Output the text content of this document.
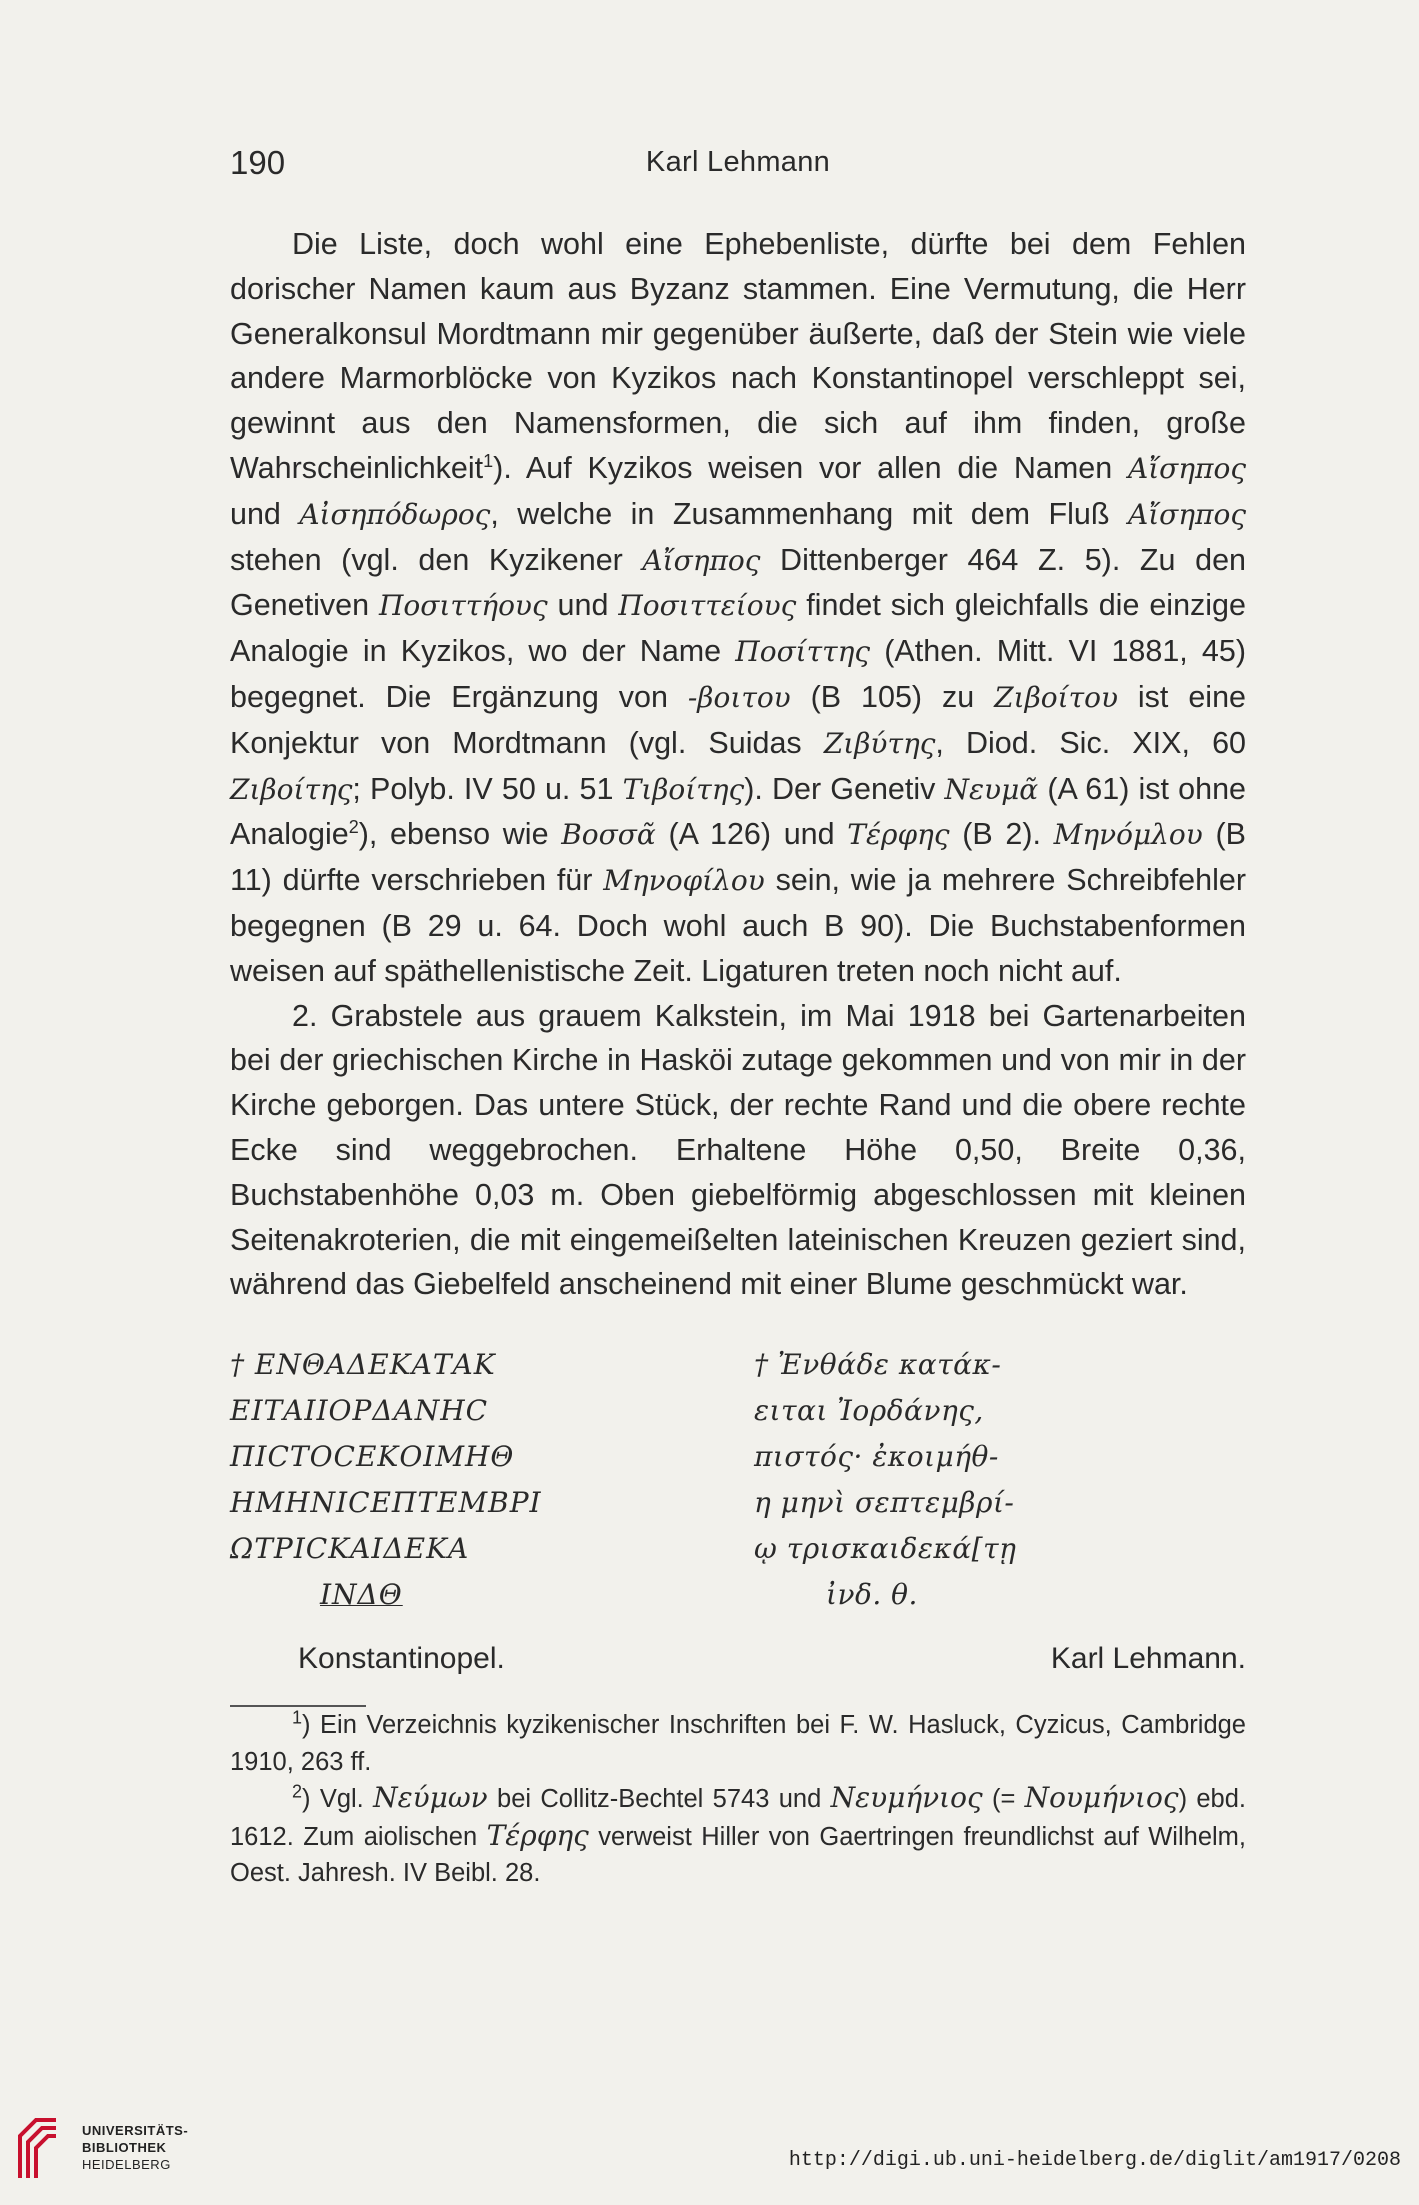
190	Karl Lehmann

Die Liste, doch wohl eine Ephebenliste, dürfte bei dem Fehlen dorischer Namen kaum aus Byzanz stammen. Eine Vermutung, die Herr Generalkonsul Mordtmann mir gegenüber äußerte, daß der Stein wie viele andere Marmorblöcke von Kyzikos nach Konstantinopel verschleppt sei, gewinnt aus den Namensformen, die sich auf ihm finden, große Wahrscheinlichkeit$^1$). Auf Kyzikos weisen vor allen die Namen Αἴσηπος und Αἰσηπόδωρος, welche in Zusammenhang mit dem Fluß Αἴσηπος stehen (vgl. den Kyzikener Αἴσηπος Dittenberger 464 Z. 5). Zu den Genetiven Ποσιττήους und Ποσιττείους findet sich gleichfalls die einzige Analogie in Kyzikos, wo der Name Ποσίττης (Athen. Mitt. VI 1881, 45) begegnet. Die Ergänzung von -βοιτου (B 105) zu Ζιβοίτου ist eine Konjektur von Mordtmann (vgl. Suidas Ζιβύτης, Diod. Sic. XIX, 60 Ζιβοίτης; Polyb. IV 50 u. 51 Τιβοίτης). Der Genetiv Νευμᾶ (A 61) ist ohne Analogie$^2$), ebenso wie Βοσσᾶ (A 126) und Τέρφης (B 2). Μηνόμλου (B 11) dürfte verschrieben für Μηνοφίλου sein, wie ja mehrere Schreibfehler begegnen (B 29 u. 64. Doch wohl auch B 90). Die Buchstabenformen weisen auf späthellenistische Zeit. Ligaturen treten noch nicht auf.

2. Grabstele aus grauem Kalkstein, im Mai 1918 bei Gartenarbeiten bei der griechischen Kirche in Hasköi zutage gekommen und von mir in der Kirche geborgen. Das untere Stück, der rechte Rand und die obere rechte Ecke sind weggebrochen. Erhaltene Höhe 0,50, Breite 0,36, Buchstabenhöhe 0,03 m. Oben giebelförmig abgeschlossen mit kleinen Seitenakroterien, die mit eingemeißelten lateinischen Kreuzen geziert sind, während das Giebelfeld anscheinend mit einer Blume geschmückt war.

† ΕΝΘΑΔΕΚΑΤΑΚ
ΕΙΤΑΙΙΟΡΔΑΝΗC
ΠΙCΤΟCΕΚΟΙΜΗΘ
ΗΜΗΝΙCΕΠΤΕΜΒΡΙ
ΩΤΡΙCΚΑΙΔΕΚΑ
ΙΝΔΘ
† Ἐνθάδε κατάκ-
ειται Ἰορδάνης,
πιστός· ἐκοιμήθ-
η μηνὶ σεπτεμβρί-
ῳ τρισκαιδεκά[τῃ
ἰνδ. θ.
Konstantinopel.	Karl Lehmann.

$^1$) Ein Verzeichnis kyzikenischer Inschriften bei F. W. Hasluck, Cyzicus, Cambridge 1910, 263 ff.

$^2$) Vgl. Νεύμων bei Collitz-Bechtel 5743 und Νευμήνιος (= Νουμήνιος) ebd. 1612. Zum aiolischen Τέρφης verweist Hiller von Gaertringen freundlichst auf Wilhelm, Oest. Jahresh. IV Beibl. 28.

UNIVERSITÄTS-
BIBLIOTHEK
HEIDELBERG	http://digi.ub.uni-heidelberg.de/diglit/am1917/0208
